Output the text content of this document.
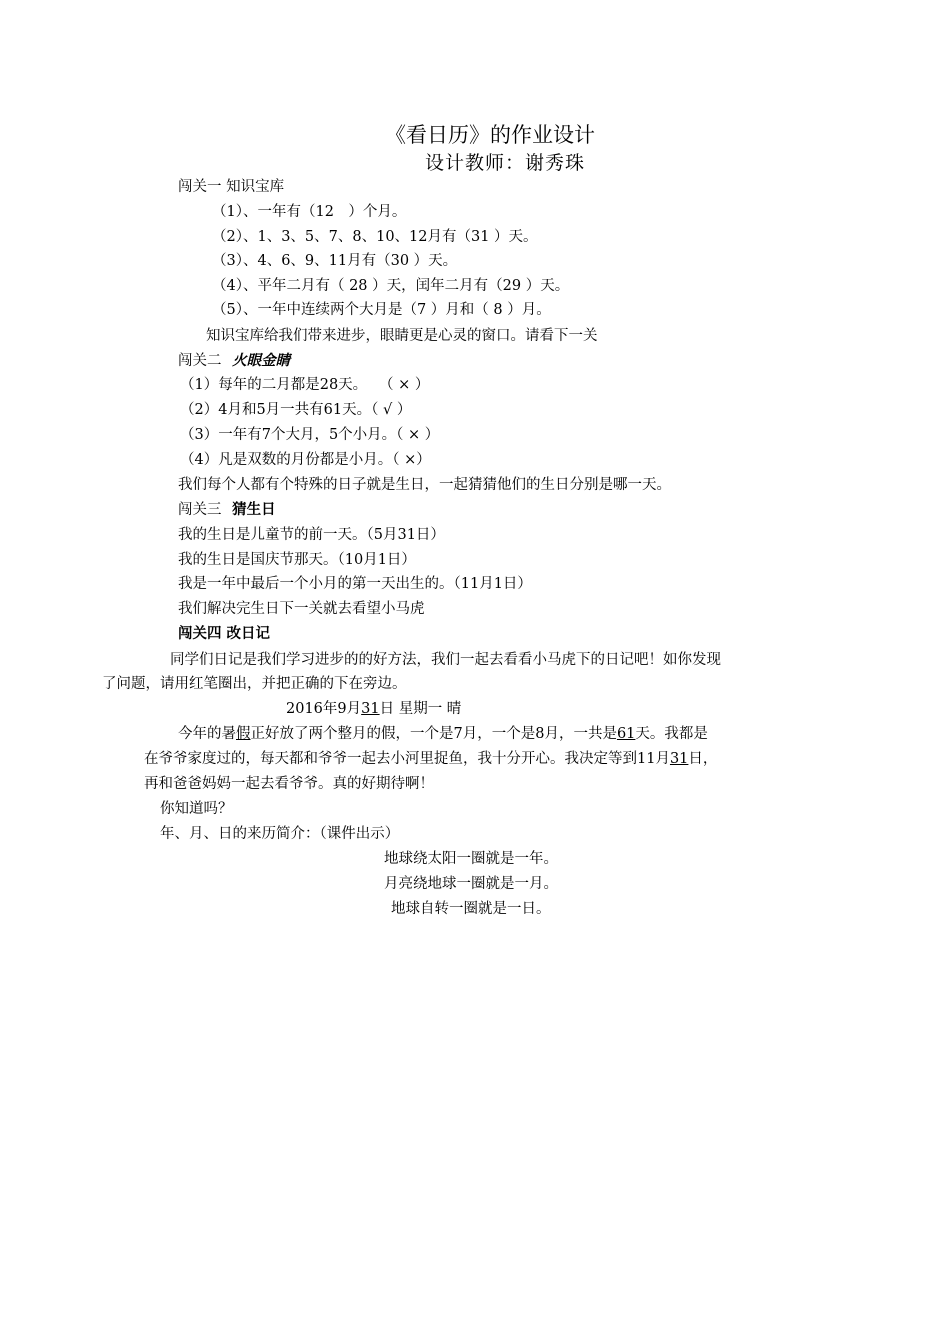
《看日历》的作业设计
设计教师：谢秀珠
闯关一 知识宝库
（1）、一年有（12　）个月。
（2）、1、3、5、7、8、10、12月有（31 ）天。
（3）、4、6、9、11月有（30 ）天。
（4）、平年二月有（ 28 ）天，闰年二月有（29 ）天。
（5）、一年中连续两个大月是（7 ）月和（ 8 ）月。
知识宝库给我们带来进步，眼睛更是心灵的窗口。请看下一关
闯关二 火眼金睛
（1）每年的二月都是28天。　 （ × ）
（2）4月和5月一共有61天。（ √ ）
（3）一年有7个大月，5个小月。（ × ）
（4）凡是双数的月份都是小月。（ ×）
我们每个人都有个特殊的日子就是生日，一起猜猜他们的生日分别是哪一天。
闯关三 猜生日
我的生日是儿童节的前一天。（5月31日）
我的生日是国庆节那天。（10月1日）
我是一年中最后一个小月的第一天出生的。（11月1日）
我们解决完生日下一关就去看望小马虎
闯关四 改日记
同学们日记是我们学习进步的的好方法，我们一起去看看小马虎下的日记吧！如你发现
了问题，请用红笔圈出，并把正确的下在旁边。
2016年9月31日 星期一 晴
今年的暑假正好放了两个整月的假，一个是7月，一个是8月，一共是61天。我都是
在爷爷家度过的，每天都和爷爷一起去小河里捉鱼，我十分开心。我决定等到11月31日，
再和爸爸妈妈一起去看爷爷。真的好期待啊！
你知道吗？
年、月、日的来历简介：（课件出示）
地球绕太阳一圈就是一年。
月亮绕地球一圈就是一月。
地球自转一圈就是一日。
